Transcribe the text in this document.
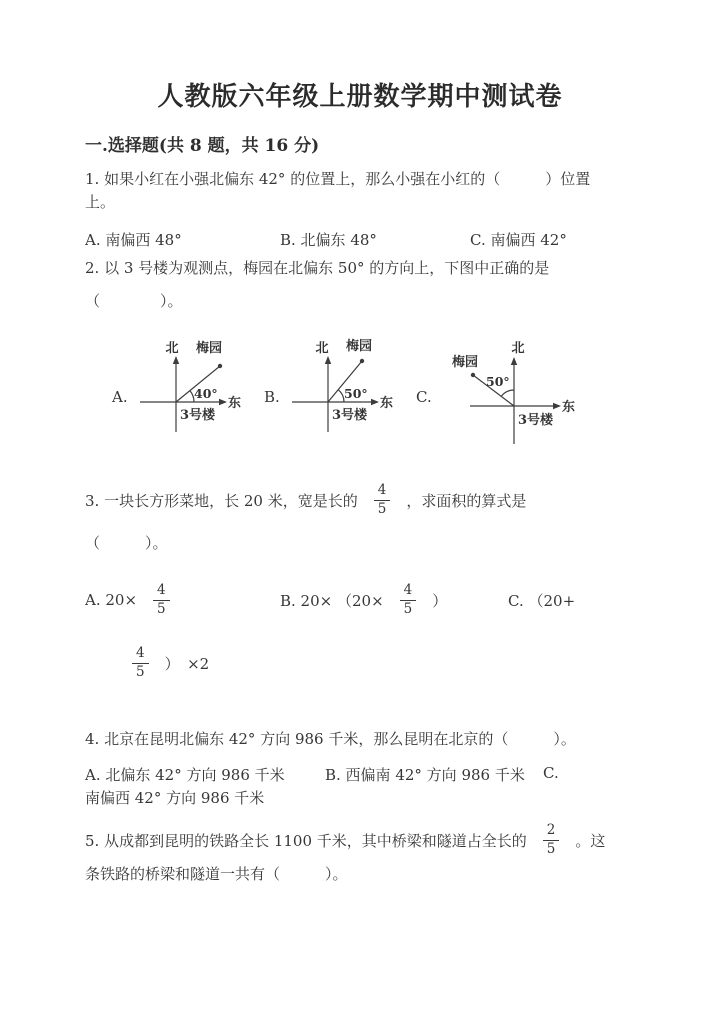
人教版六年级上册数学期中测试卷
一.选择题(共 8 题，共 16 分)
1. 如果小红在小强北偏东 42° 的位置上，那么小强在小红的（　　　）位置
上。
A. 南偏西 48°	B. 北偏东 48°	C. 南偏西 42°
2. 以 3 号楼为观测点，梅园在北偏东 50° 的方向上，下图中正确的是
（　　　　）。
A.
北 梅园
40°
东
3号楼
B.
北 梅园
50°
东
3号楼
C.
北
梅园
50°
东
3号楼
3. 一块长方形菜地，长 20 米，宽是长的 $\frac{4}{5}$ ，求面积的算式是
（　　　）。
A. $20\times \frac{4}{5}$	B. $20\times (20\times \frac{4}{5}$ ）	C. （20+
$\frac{4}{5}$ ）　×2
4. 北京在昆明北偏东 42° 方向 986 千米，那么昆明在北京的（　　　）。
A. 北偏东 42° 方向 986 千米	B. 西偏南 42° 方向 986 千米 C.
南偏西 42° 方向 986 千米
5. 从成都到昆明的铁路全长 1100 千米，其中桥梁和隧道占全长的 $\frac{2}{5}$ 。这
条铁路的桥梁和隧道一共有（　　　）。
